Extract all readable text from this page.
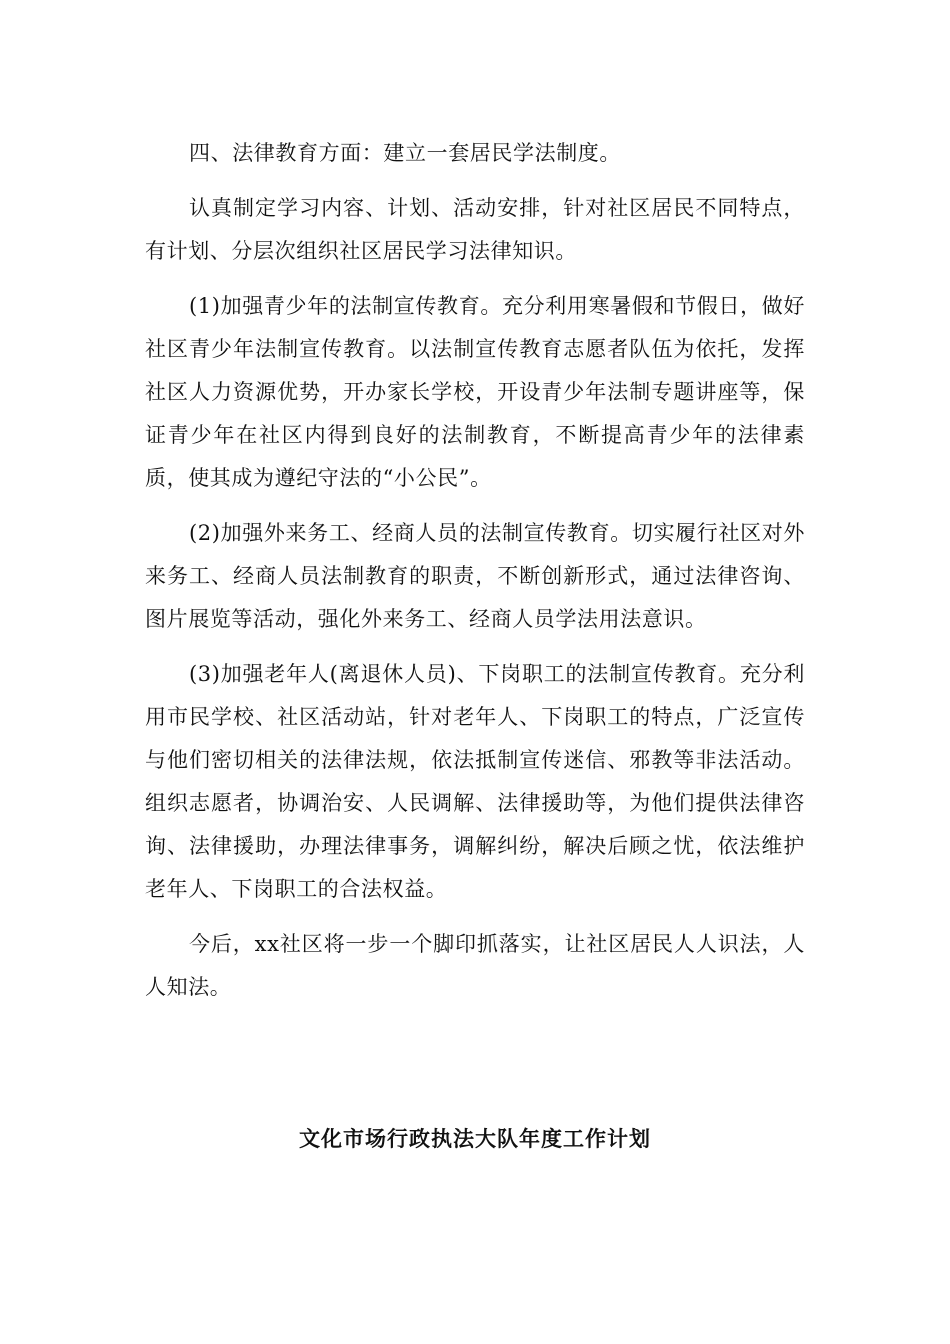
四、法律教育方面：建立一套居民学法制度。

认真制定学习内容、计划、活动安排，针对社区居民不同特点，有计划、分层次组织社区居民学习法律知识。

(1)加强青少年的法制宣传教育。充分利用寒暑假和节假日，做好社区青少年法制宣传教育。以法制宣传教育志愿者队伍为依托，发挥社区人力资源优势，开办家长学校，开设青少年法制专题讲座等，保证青少年在社区内得到良好的法制教育，不断提高青少年的法律素质，使其成为遵纪守法的“小公民”。

(2)加强外来务工、经商人员的法制宣传教育。切实履行社区对外来务工、经商人员法制教育的职责，不断创新形式，通过法律咨询、图片展览等活动，强化外来务工、经商人员学法用法意识。

(3)加强老年人(离退休人员)、下岗职工的法制宣传教育。充分利用市民学校、社区活动站，针对老年人、下岗职工的特点，广泛宣传与他们密切相关的法律法规，依法抵制宣传迷信、邪教等非法活动。组织志愿者，协调治安、人民调解、法律援助等，为他们提供法律咨询、法律援助，办理法律事务，调解纠纷，解决后顾之忧，依法维护老年人、下岗职工的合法权益。

今后，xx社区将一步一个脚印抓落实，让社区居民人人识法，人人知法。

文化市场行政执法大队年度工作计划
